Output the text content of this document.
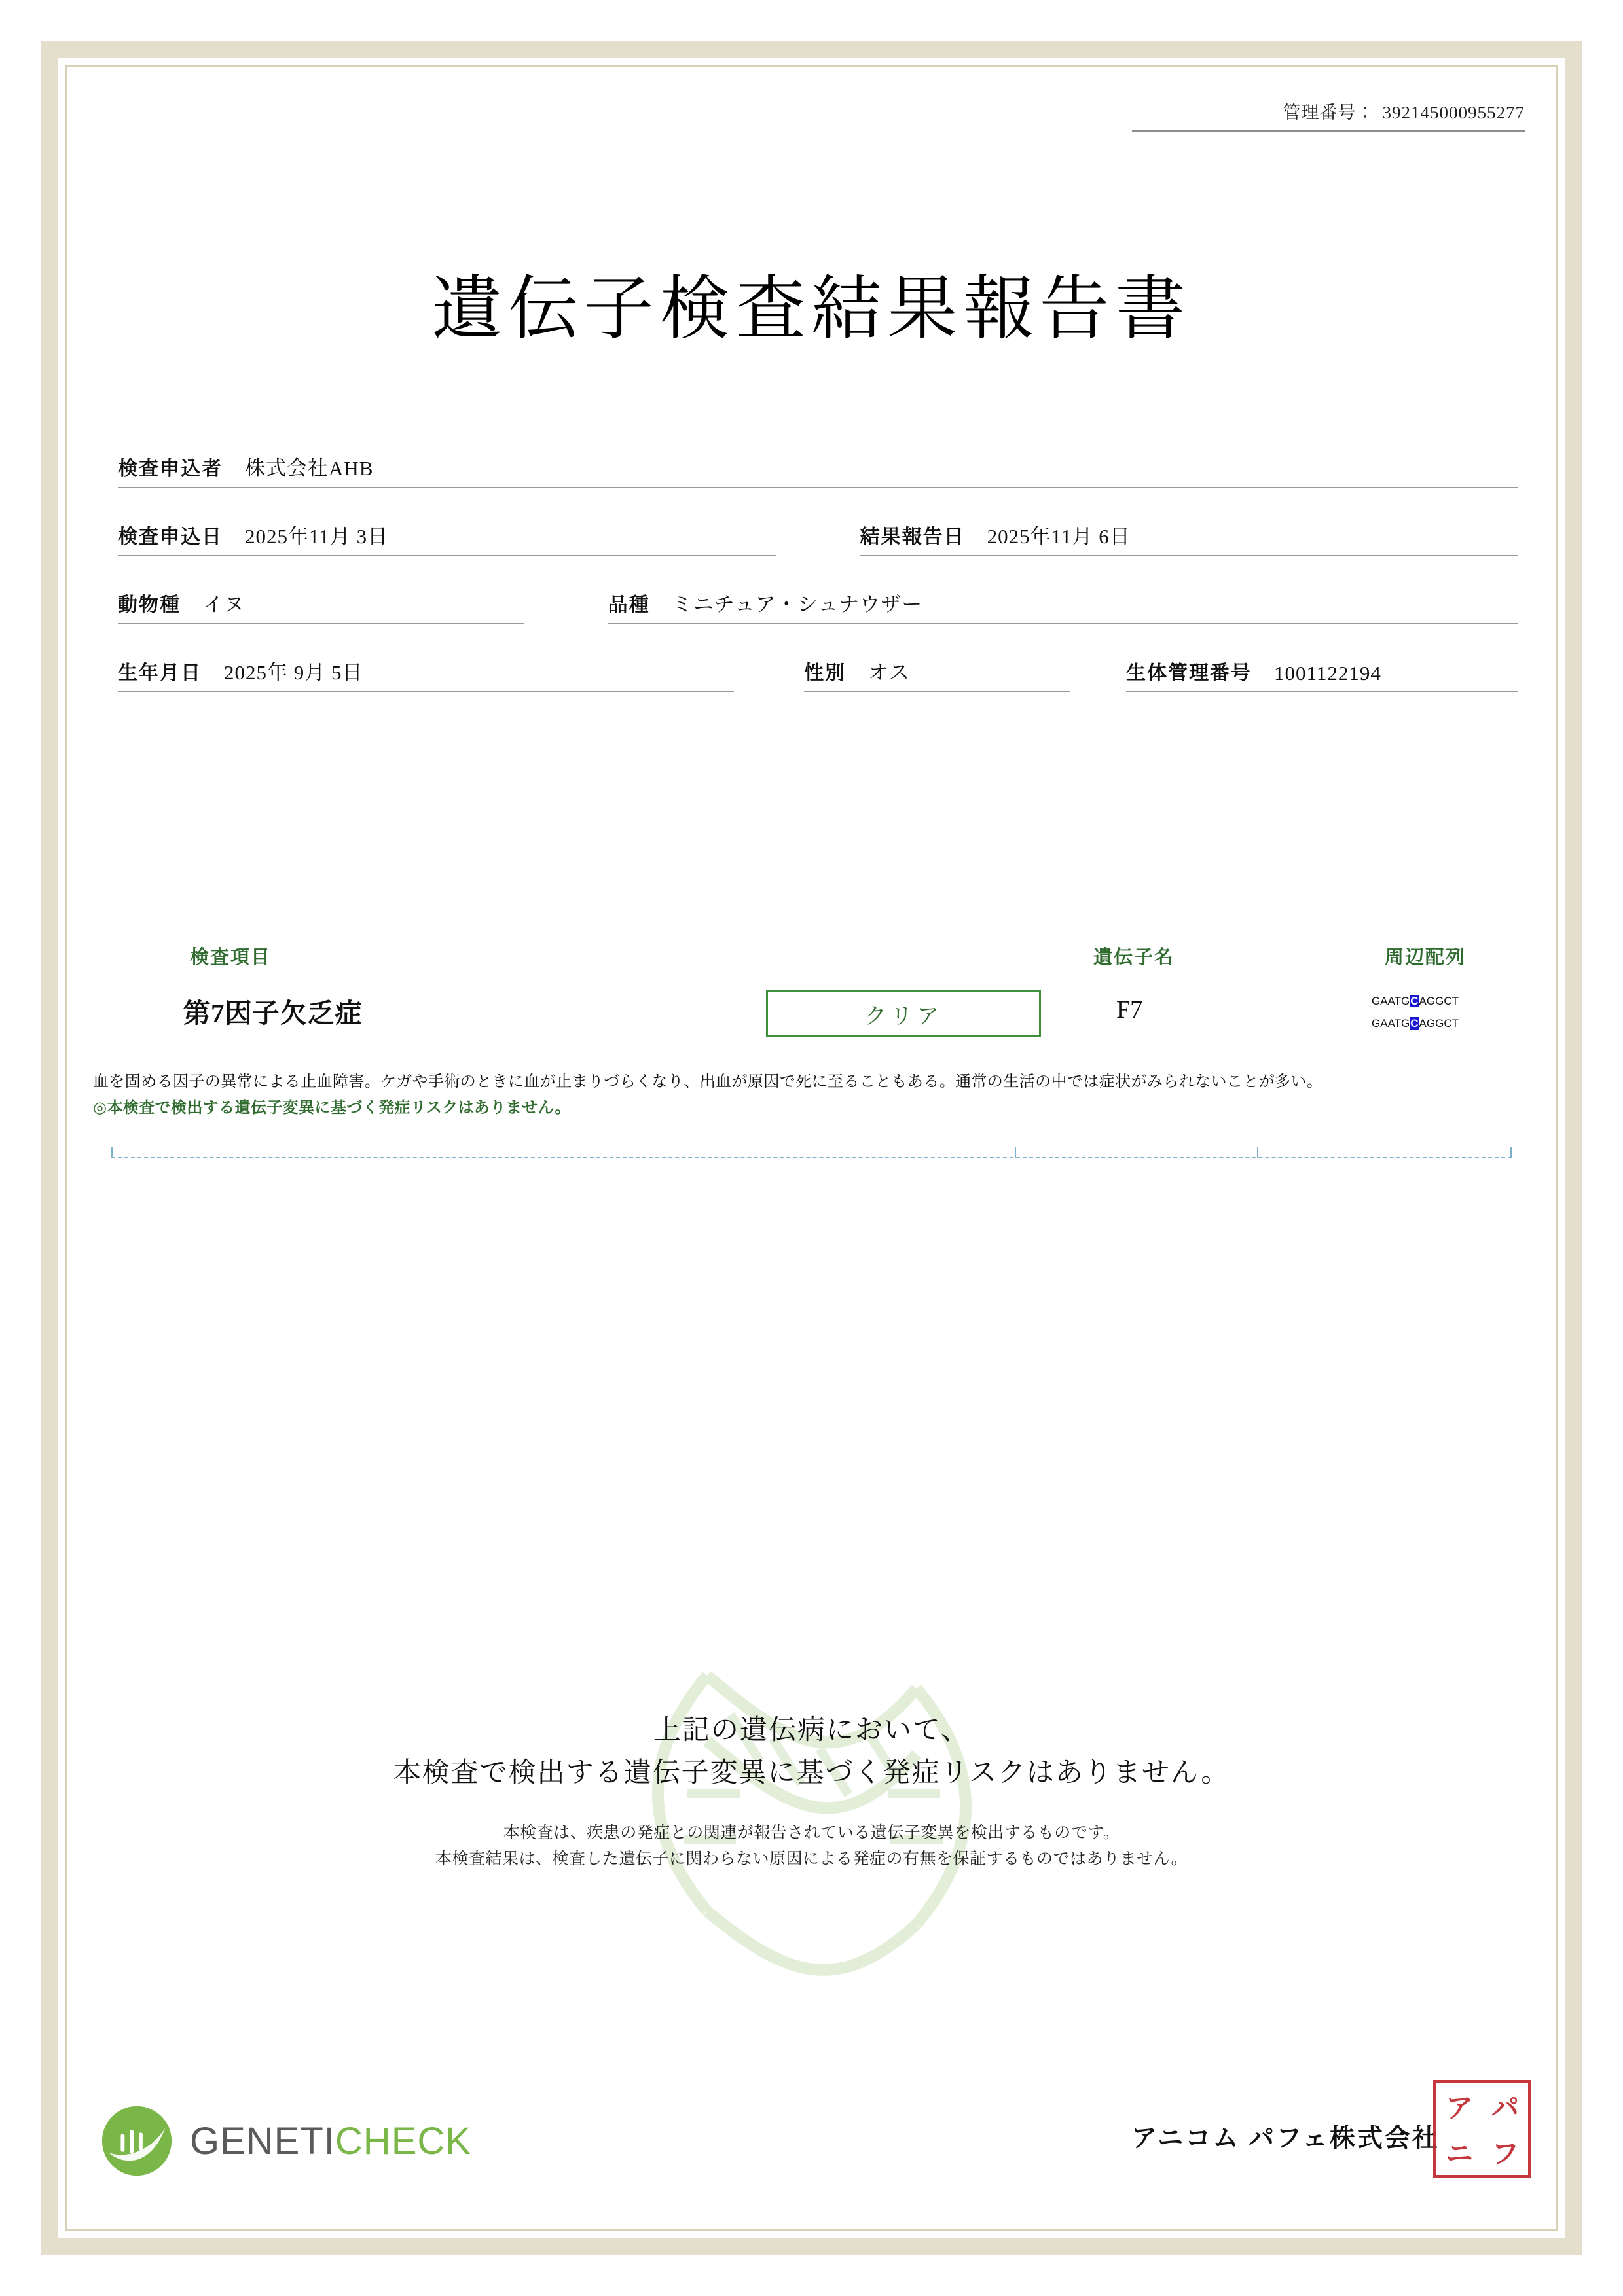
管理番号： 392145000955277
遺伝子検査結果報告書
検査申込者 株式会社AHB
検査申込日 2025年11月 3日	結果報告日 2025年11月 6日
動物種 イヌ	品種 ミニチュア・シュナウザー
生年月日 2025年 9月 5日	性別 オス	生体管理番号 1001122194
検査項目	遺伝子名	周辺配列
第7因子欠乏症	クリア	F7	GAATGCAGGCT
GAATGCAGGCT
血を固める因子の異常による止血障害。ケガや手術のときに血が止まりづらくなり、出血が原因で死に至ることもある。通常の生活の中では症状がみられないことが多い。
◎本検査で検出する遺伝子変異に基づく発症リスクはありません。
上記の遺伝病において、
本検査で検出する遺伝子変異に基づく発症リスクはありません。
本検査は、疾患の発症との関連が報告されている遺伝子変異を検出するものです。
本検査結果は、検査した遺伝子に関わらない原因による発症の有無を保証するものではありません。
GENETICHECK	アニコム パフェ株式会社
ア パ
ニ フ
